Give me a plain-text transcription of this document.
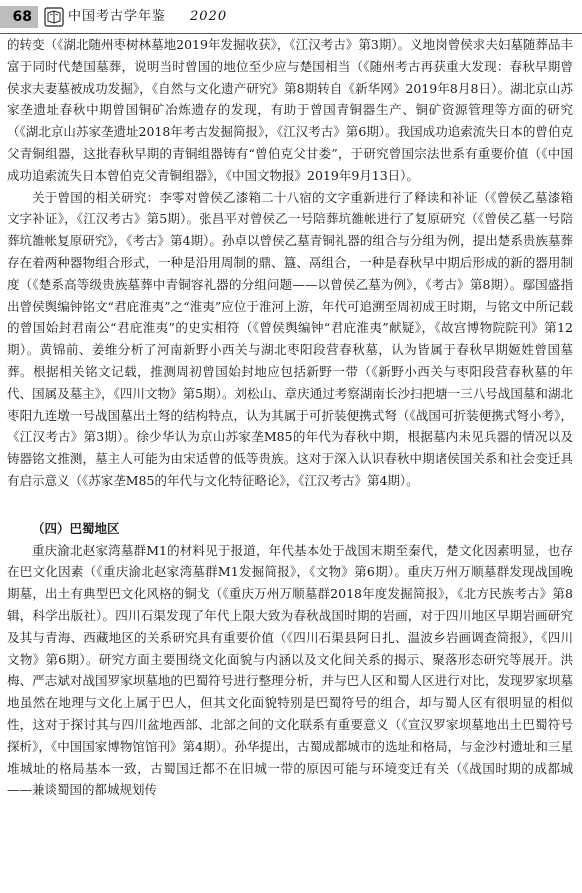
68	中国考古学年鉴 2020

的转变（《湖北随州枣树林墓地2019年发掘收获》，《江汉考古》第3期）。义地岗曾侯求夫妇墓随葬品丰富于同时代楚国墓葬，说明当时曾国的地位至少应与楚国相当（《随州考古再获重大发现：春秋早期曾侯求夫妻墓被成功发掘》，《自然与文化遗产研究》第8期转自《新华网》2019年8月8日）。湖北京山苏家垄遗址春秋中期曾国铜矿冶炼遗存的发现，有助于曾国青铜器生产、铜矿资源管理等方面的研究（《湖北京山苏家垄遗址2018年考古发掘简报》，《江汉考古》第6期）。我国成功追索流失日本的曾伯克父青铜组器，这批春秋早期的青铜组器铸有“曾伯克父甘娄”，于研究曾国宗法世系有重要价值（《中国成功追索流失日本曾伯克父青铜组器》，《中国文物报》2019年9月13日）。

关于曾国的相关研究：李零对曾侯乙漆箱二十八宿的文字重新进行了释读和补证（《曾侯乙墓漆箱文字补证》，《江汉考古》第5期）。张昌平对曾侯乙一号陪葬坑雒帐进行了复原研究（《曾侯乙墓一号陪葬坑雒帐复原研究》，《考古》第4期）。孙卓以曾侯乙墓青铜礼器的组合与分组为例，提出楚系贵族墓葬存在着两种器物组合形式，一种是沿用周制的鼎、簋、鬲组合，一种是春秋早中期后形成的新的器用制度（《楚系高等级贵族墓葬中青铜容礼器的分组问题——以曾侯乙墓为例》，《考古》第8期）。鄢国盛指出曾侯舆编钟铭文“君庇淮夷”之“淮夷”应位于淮河上游，年代可追溯至周初成王时期，与铭文中所记载的曾国始封君南公“君庇淮夷”的史实相符（《曾侯舆编钟“君庇淮夷”献疑》，《故宫博物院院刊》第12期）。黄锦前、姜维分析了河南新野小西关与湖北枣阳段营春秋墓，认为皆属于春秋早期姬姓曾国墓葬。根据相关铭文记载，推测周初曾国始封地应包括新野一带（《新野小西关与枣阳段营春秋墓的年代、国属及墓主》，《四川文物》第5期）。刘松山、章庆通过考察湖南长沙扫把塘一三八号战国墓和湖北枣阳九连墩一号战国墓出土弩的结构特点，认为其属于可折装便携式弩（《战国可折装便携式弩小考》，《江汉考古》第3期）。徐少华认为京山苏家垄M85的年代为春秋中期，根据墓内未见兵器的情况以及铸器铭文推测，墓主人可能为由宋适曾的低等贵族。这对于深入认识春秋中期诸侯国关系和社会变迁具有启示意义（《苏家垄M85的年代与文化特征略论》，《江汉考古》第4期）。

（四）巴蜀地区

重庆渝北赵家湾墓群M1的材料见于报道，年代基本处于战国末期至秦代，楚文化因素明显，也存在巴文化因素（《重庆渝北赵家湾墓群M1发掘简报》，《文物》第6期）。重庆万州万顺墓群发现战国晚期墓，出土有典型巴文化风格的铜戈（《重庆万州万顺墓群2018年度发掘简报》，《北方民族考古》第8辑，科学出版社）。四川石渠发现了年代上限大致为春秋战国时期的岩画，对于四川地区早期岩画研究及其与青海、西藏地区的关系研究具有重要价值（《四川石渠县阿日扎、温波乡岩画调查简报》，《四川文物》第6期）。研究方面主要围绕文化面貌与内涵以及文化间关系的揭示、聚落形态研究等展开。洪梅、严志斌对战国罗家坝墓地的巴蜀符号进行整理分析，并与巴人区和蜀人区进行对比，发现罗家坝墓地虽然在地理与文化上属于巴人，但其文化面貌特别是巴蜀符号的组合，却与蜀人区有很明显的相似性，这对于探讨其与四川盆地西部、北部之间的文化联系有重要意义（《宣汉罗家坝墓地出土巴蜀符号探析》，《中国国家博物馆馆刊》第4期）。孙华提出，古蜀成都城市的选址和格局，与金沙村遗址和三星堆城址的格局基本一致，古蜀国迁都不在旧城一带的原因可能与环境变迁有关（《战国时期的成都城——兼谈蜀国的都城规划传
